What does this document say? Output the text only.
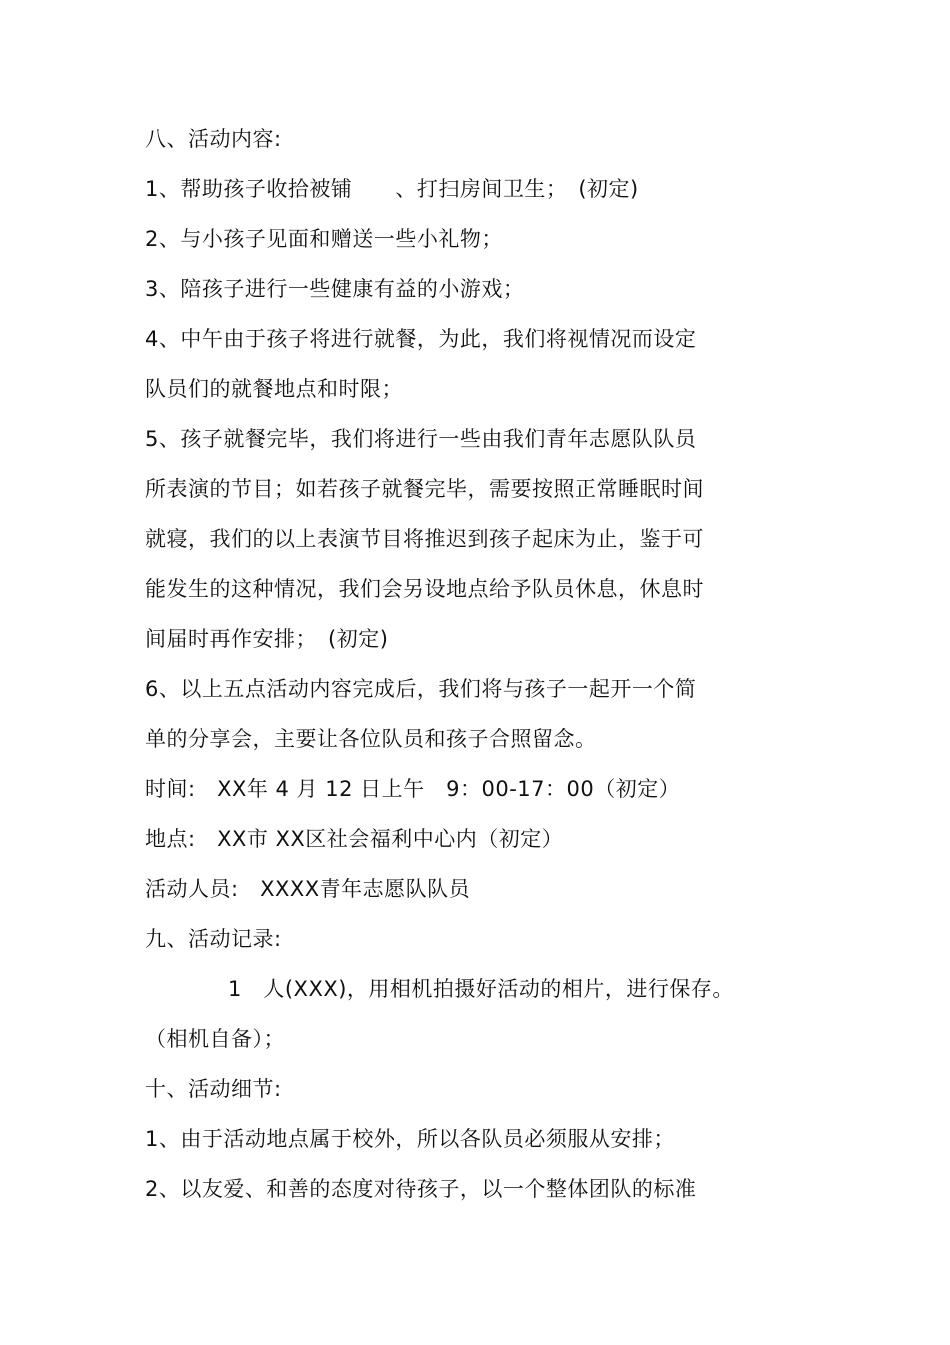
八、活动内容:
1、帮助孩子收拾被铺　　、打扫房间卫生；　(初定)
2、与小孩子见面和赠送一些小礼物；
3、陪孩子进行一些健康有益的小游戏；
4、中午由于孩子将进行就餐，为此，我们将视情况而设定
队员们的就餐地点和时限；
5、孩子就餐完毕，我们将进行一些由我们青年志愿队队员
所表演的节目；如若孩子就餐完毕，需要按照正常睡眠时间
就寝，我们的以上表演节目将推迟到孩子起床为止，鉴于可
能发生的这种情况，我们会另设地点给予队员休息，休息时
间届时再作安排；　(初定)
6、以上五点活动内容完成后，我们将与孩子一起开一个简
单的分享会，主要让各位队员和孩子合照留念。
时间:　XX年 4 月 12 日上午　9：00-17：00（初定）
地点:　XX市 XX区社会福利中心内（初定）
活动人员:　XXXX青年志愿队队员
九、活动记录:
1　人(XXX)，用相机拍摄好活动的相片，进行保存。
（相机自备）；
十、活动细节:
1、由于活动地点属于校外，所以各队员必须服从安排；
2、以友爱、和善的态度对待孩子，以一个整体团队的标准
